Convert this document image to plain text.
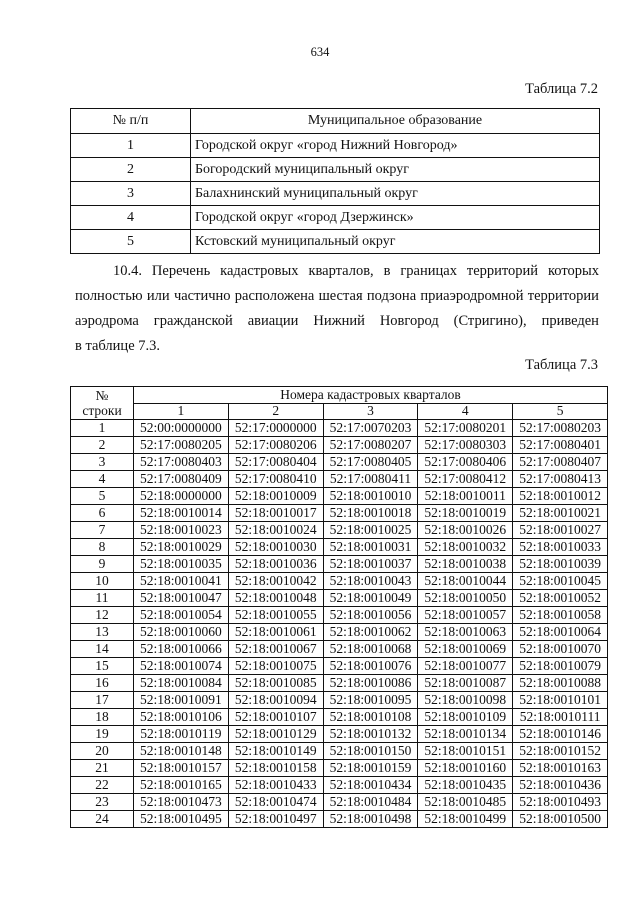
634
Таблица 7.2
№ п/п	Муниципальное образование
1	Городской округ «город Нижний Новгород»
2	Богородский муниципальный округ
3	Балахнинский муниципальный округ
4	Городской округ «город Дзержинск»
5	Кстовский муниципальный округ
10.4. Перечень кадастровых кварталов, в границах территорий которых
полностью или частично расположена шестая подзона приаэродромной территории
аэродрома гражданской авиации Нижний Новгород (Стригино), приведен
в таблице 7.3.
Таблица 7.3
№
строки	Номера кадастровых кварталов				
	1	2	3	4	5
1	52:00:0000000	52:17:0000000	52:17:0070203	52:17:0080201	52:17:0080203
2	52:17:0080205	52:17:0080206	52:17:0080207	52:17:0080303	52:17:0080401
3	52:17:0080403	52:17:0080404	52:17:0080405	52:17:0080406	52:17:0080407
4	52:17:0080409	52:17:0080410	52:17:0080411	52:17:0080412	52:17:0080413
5	52:18:0000000	52:18:0010009	52:18:0010010	52:18:0010011	52:18:0010012
6	52:18:0010014	52:18:0010017	52:18:0010018	52:18:0010019	52:18:0010021
7	52:18:0010023	52:18:0010024	52:18:0010025	52:18:0010026	52:18:0010027
8	52:18:0010029	52:18:0010030	52:18:0010031	52:18:0010032	52:18:0010033
9	52:18:0010035	52:18:0010036	52:18:0010037	52:18:0010038	52:18:0010039
10	52:18:0010041	52:18:0010042	52:18:0010043	52:18:0010044	52:18:0010045
11	52:18:0010047	52:18:0010048	52:18:0010049	52:18:0010050	52:18:0010052
12	52:18:0010054	52:18:0010055	52:18:0010056	52:18:0010057	52:18:0010058
13	52:18:0010060	52:18:0010061	52:18:0010062	52:18:0010063	52:18:0010064
14	52:18:0010066	52:18:0010067	52:18:0010068	52:18:0010069	52:18:0010070
15	52:18:0010074	52:18:0010075	52:18:0010076	52:18:0010077	52:18:0010079
16	52:18:0010084	52:18:0010085	52:18:0010086	52:18:0010087	52:18:0010088
17	52:18:0010091	52:18:0010094	52:18:0010095	52:18:0010098	52:18:0010101
18	52:18:0010106	52:18:0010107	52:18:0010108	52:18:0010109	52:18:0010111
19	52:18:0010119	52:18:0010129	52:18:0010132	52:18:0010134	52:18:0010146
20	52:18:0010148	52:18:0010149	52:18:0010150	52:18:0010151	52:18:0010152
21	52:18:0010157	52:18:0010158	52:18:0010159	52:18:0010160	52:18:0010163
22	52:18:0010165	52:18:0010433	52:18:0010434	52:18:0010435	52:18:0010436
23	52:18:0010473	52:18:0010474	52:18:0010484	52:18:0010485	52:18:0010493
24	52:18:0010495	52:18:0010497	52:18:0010498	52:18:0010499	52:18:0010500
